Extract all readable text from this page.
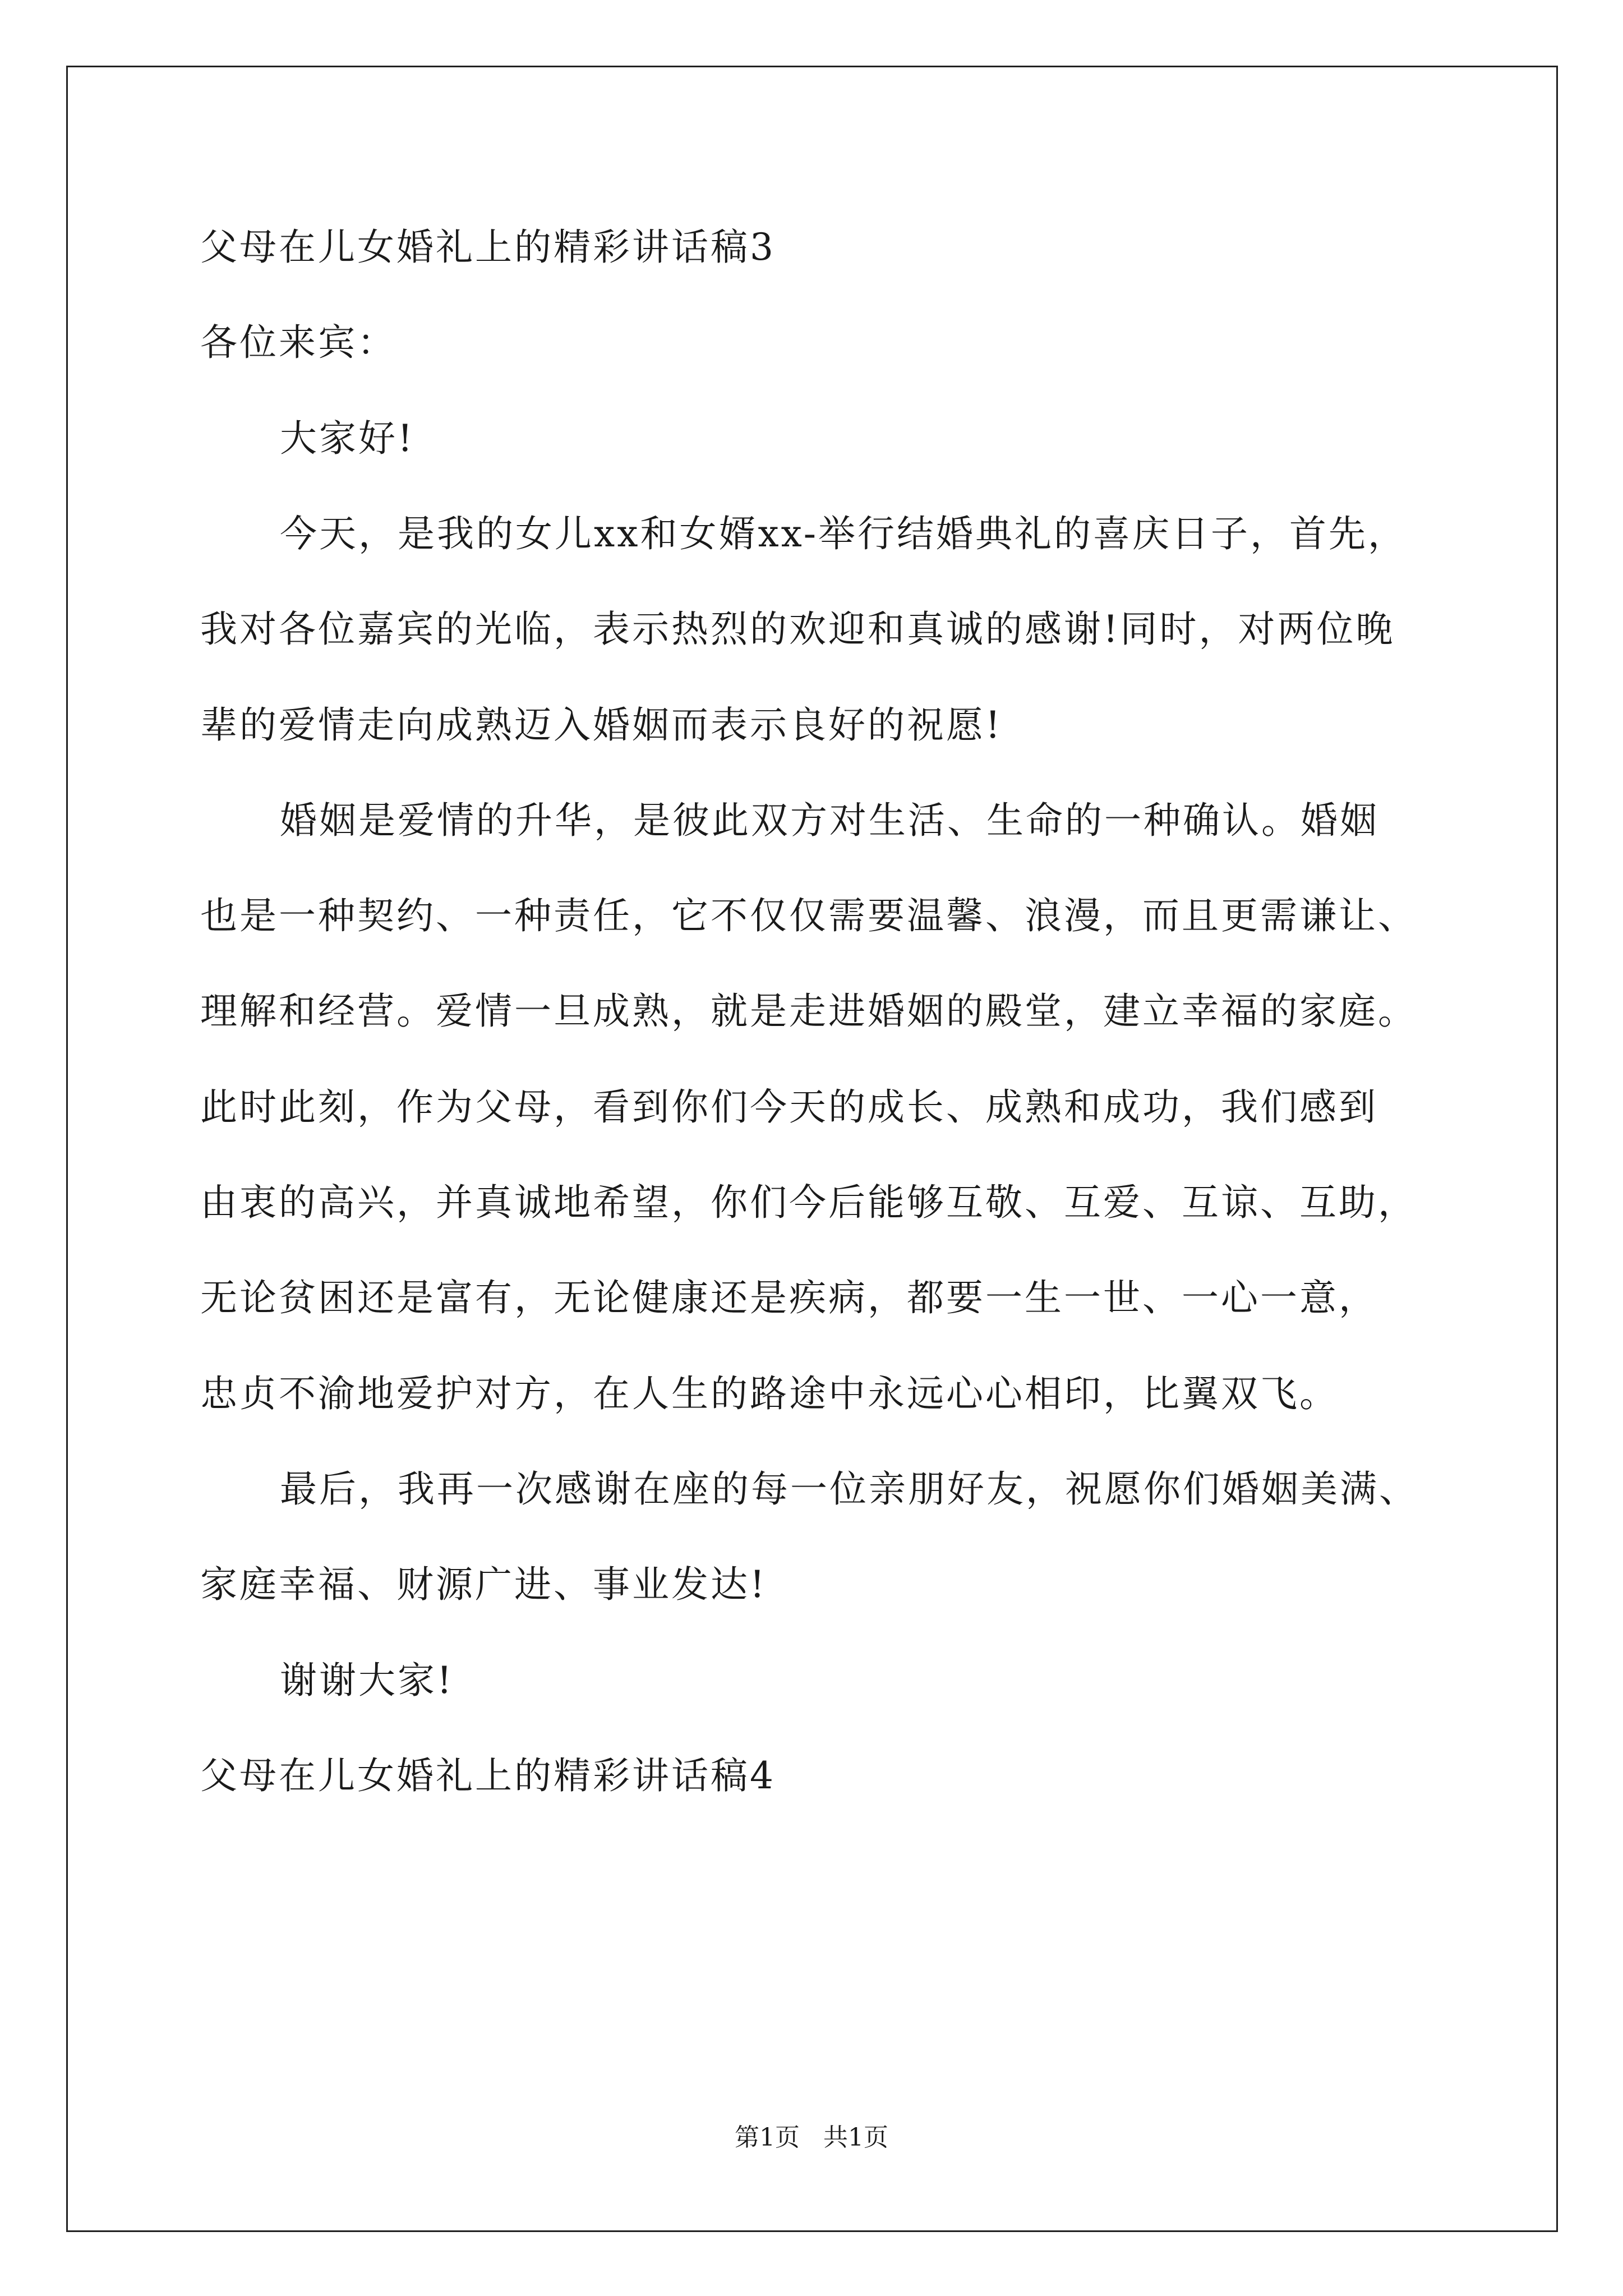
父母在儿女婚礼上的精彩讲话稿3
各位来宾：
大家好!
今天，是我的女儿xx和女婿xx-举行结婚典礼的喜庆日子，首先，
我对各位嘉宾的光临，表示热烈的欢迎和真诚的感谢!同时，对两位晚
辈的爱情走向成熟迈入婚姻而表示良好的祝愿!
婚姻是爱情的升华，是彼此双方对生活、生命的一种确认。婚姻
也是一种契约、一种责任，它不仅仅需要温馨、浪漫，而且更需谦让、
理解和经营。爱情一旦成熟，就是走进婚姻的殿堂，建立幸福的家庭。
此时此刻，作为父母，看到你们今天的成长、成熟和成功，我们感到
由衷的高兴，并真诚地希望，你们今后能够互敬、互爱、互谅、互助，
无论贫困还是富有，无论健康还是疾病，都要一生一世、一心一意，
忠贞不渝地爱护对方，在人生的路途中永远心心相印，比翼双飞。
最后，我再一次感谢在座的每一位亲朋好友，祝愿你们婚姻美满、
家庭幸福、财源广进、事业发达!
谢谢大家!
父母在儿女婚礼上的精彩讲话稿4
第1页   共1页
